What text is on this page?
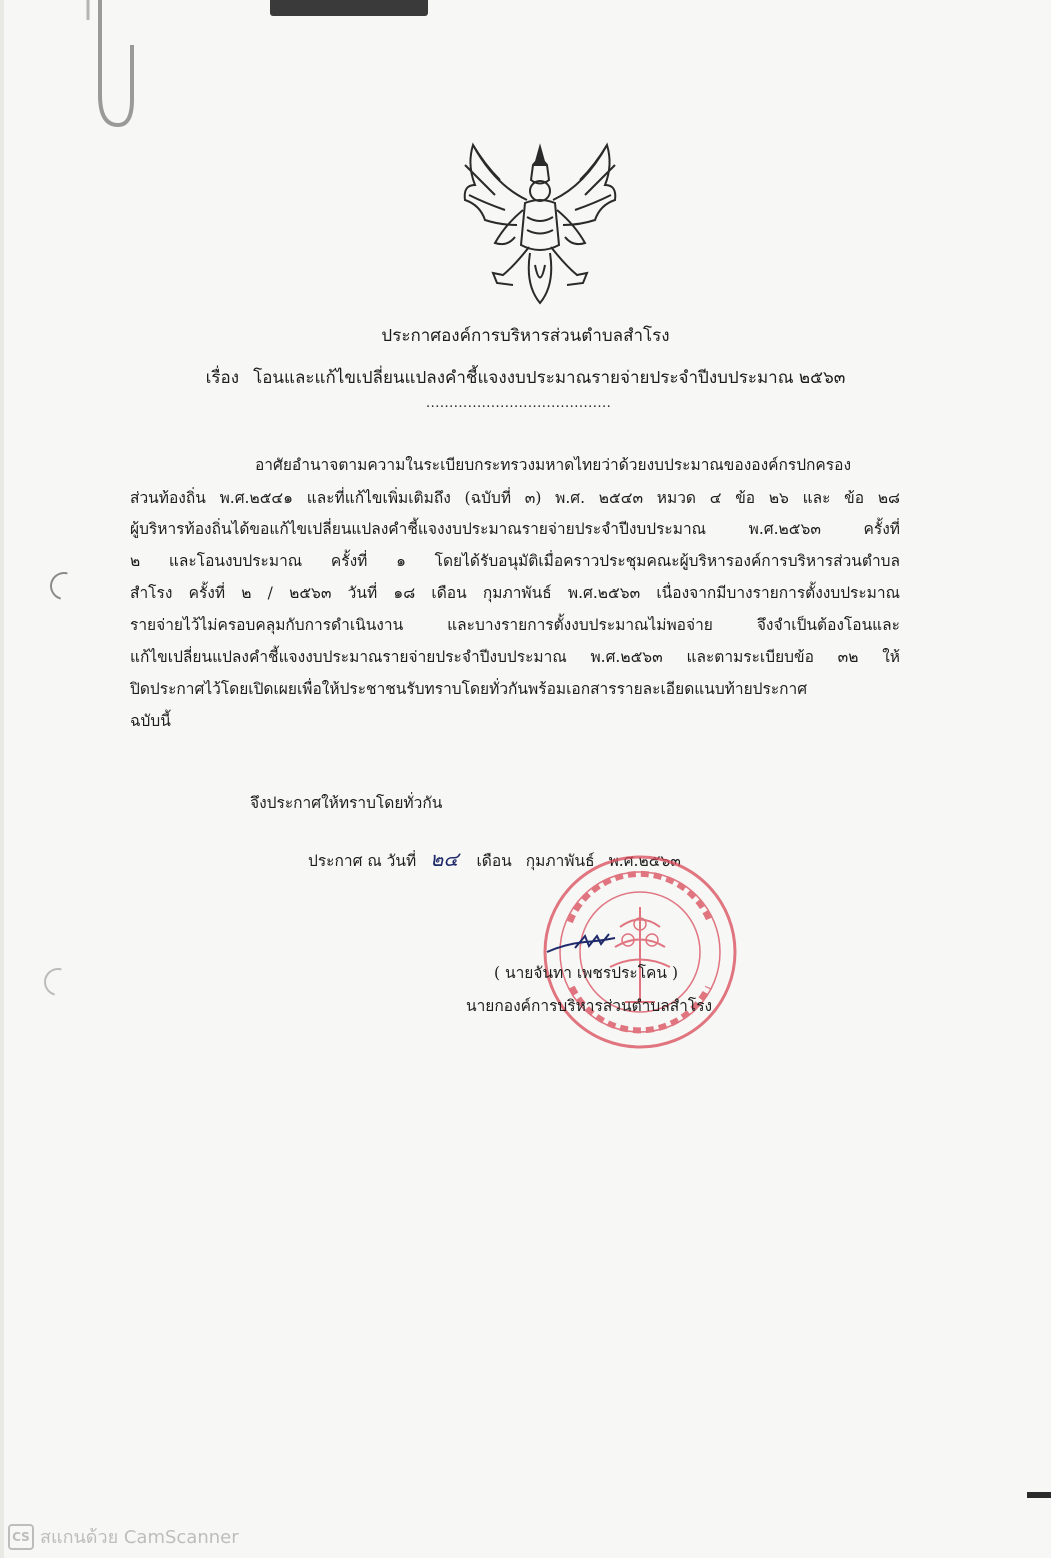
ประกาศองค์การบริหารส่วนตำบลสำโรง
เรื่อง โอนและแก้ไขเปลี่ยนแปลงคำชี้แจงงบประมาณรายจ่ายประจำปีงบประมาณ ๒๕๖๓
........................................
อาศัยอำนาจตามความในระเบียบกระทรวงมหาดไทยว่าด้วยงบประมาณขององค์กรปกครอง
ส่วนท้องถิ่น พ.ศ.๒๕๔๑ และที่แก้ไขเพิ่มเติมถึง (ฉบับที่ ๓) พ.ศ. ๒๕๔๓ หมวด ๔ ข้อ ๒๖ และ ข้อ ๒๘
ผู้บริหารท้องถิ่นได้ขอแก้ไขเปลี่ยนแปลงคำชี้แจงงบประมาณรายจ่ายประจำปีงบประมาณ พ.ศ.๒๕๖๓ ครั้งที่
๒ และโอนงบประมาณ ครั้งที่ ๑ โดยได้รับอนุมัติเมื่อคราวประชุมคณะผู้บริหารองค์การบริหารส่วนตำบล
สำโรง ครั้งที่ ๒ / ๒๕๖๓ วันที่ ๑๘ เดือน กุมภาพันธ์ พ.ศ.๒๕๖๓ เนื่องจากมีบางรายการตั้งงบประมาณ
รายจ่ายไว้ไม่ครอบคลุมกับการดำเนินงาน และบางรายการตั้งงบประมาณไม่พอจ่าย จึงจำเป็นต้องโอนและ
แก้ไขเปลี่ยนแปลงคำชี้แจงงบประมาณรายจ่ายประจำปีงบประมาณ พ.ศ.๒๕๖๓ และตามระเบียบข้อ ๓๒ ให้
ปิดประกาศไว้โดยเปิดเผยเพื่อให้ประชาชนรับทราบโดยทั่วกันพร้อมเอกสารรายละเอียดแนบท้ายประกาศ
ฉบับนี้
จึงประกาศให้ทราบโดยทั่วกัน
ประกาศ ณ วันที่ ๒๔ เดือน กุมภาพันธ์ พ.ศ.๒๕๖๓
( นายจันทา เพชรประโคน )
นายกองค์การบริหารส่วนตำบลสำโรง
CS สแกนด้วย CamScanner
